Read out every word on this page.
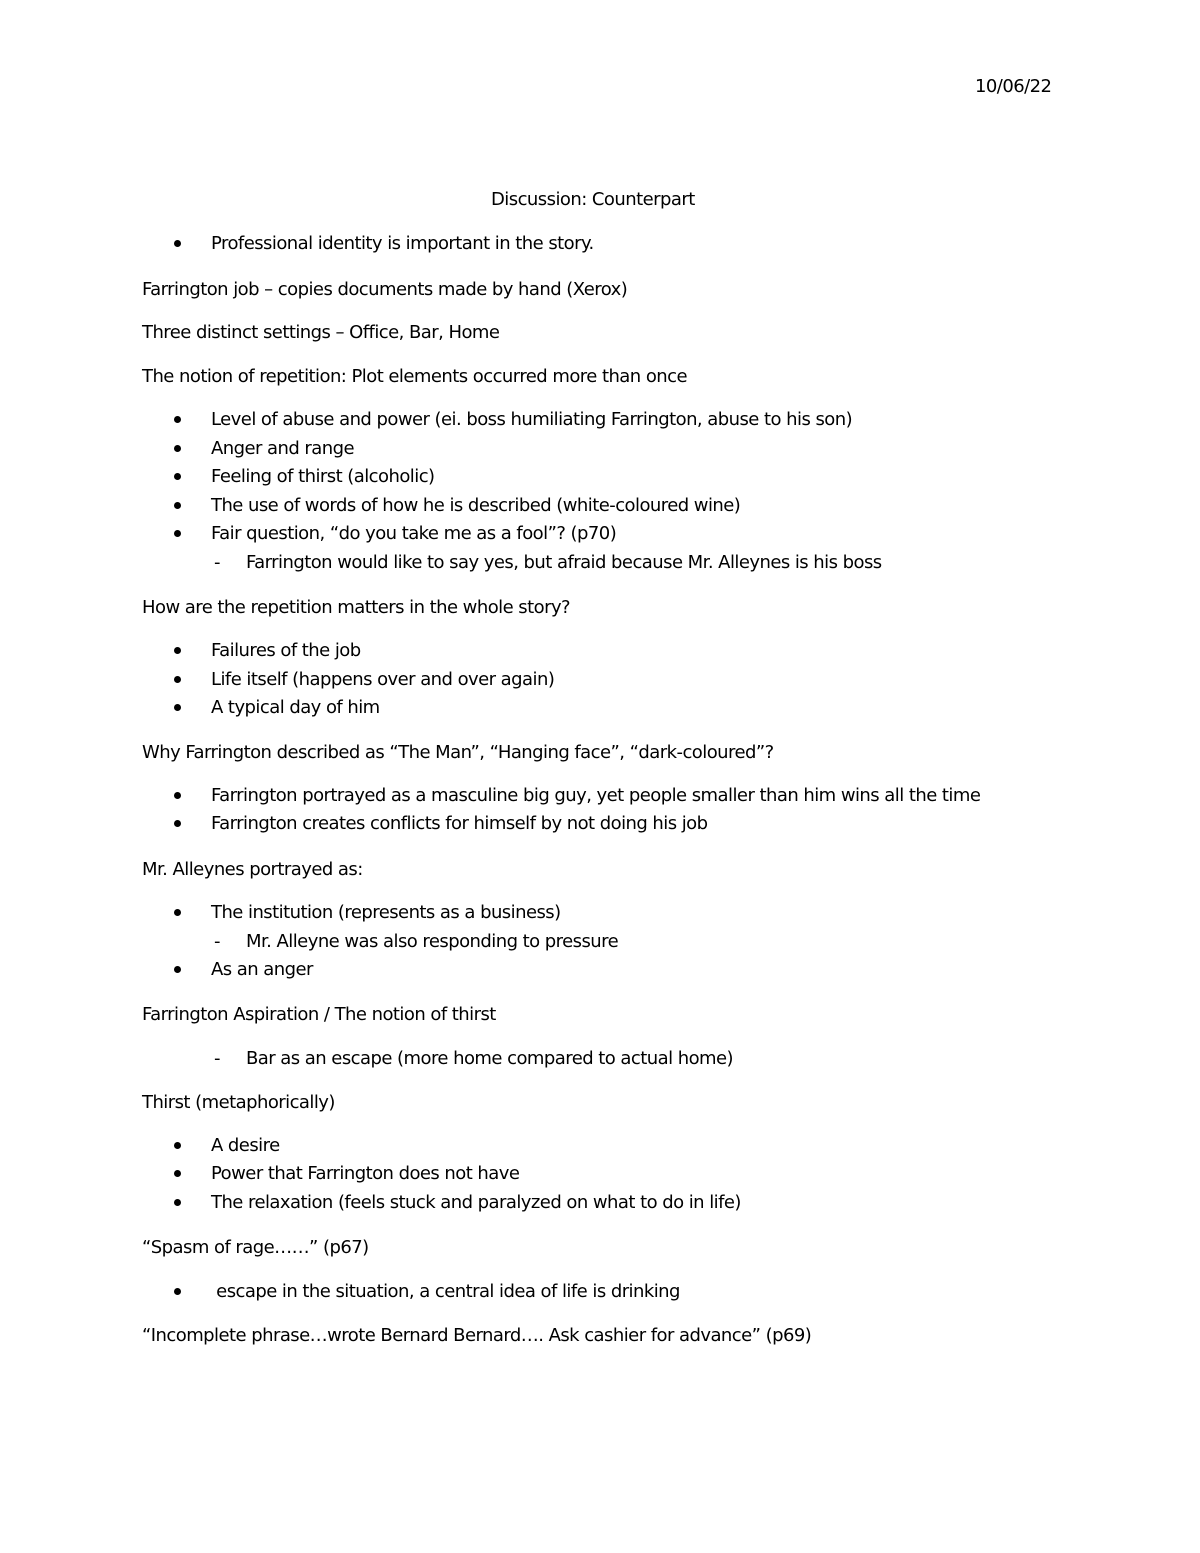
10/06/22
Discussion: Counterpart
Professional identity is important in the story.
Farrington job – copies documents made by hand (Xerox)
Three distinct settings – Office, Bar, Home
The notion of repetition: Plot elements occurred more than once
Level of abuse and power (ei. boss humiliating Farrington, abuse to his son)
Anger and range
Feeling of thirst (alcoholic)
The use of words of how he is described (white-coloured wine)
Fair question, “do you take me as a fool”? (p70)
- Farrington would like to say yes, but afraid because Mr. Alleynes is his boss
How are the repetition matters in the whole story?
Failures of the job
Life itself (happens over and over again)
A typical day of him
Why Farrington described as “The Man”, “Hanging face”, “dark-coloured”?
Farrington portrayed as a masculine big guy, yet people smaller than him wins all the time
Farrington creates conflicts for himself by not doing his job
Mr. Alleynes portrayed as:
The institution (represents as a business)
- Mr. Alleyne was also responding to pressure
As an anger
Farrington Aspiration / The notion of thirst
- Bar as an escape (more home compared to actual home)
Thirst (metaphorically)
A desire
Power that Farrington does not have
The relaxation (feels stuck and paralyzed on what to do in life)
“Spasm of rage……” (p67)
escape in the situation, a central idea of life is drinking
“Incomplete phrase…wrote Bernard Bernard…. Ask cashier for advance” (p69)
